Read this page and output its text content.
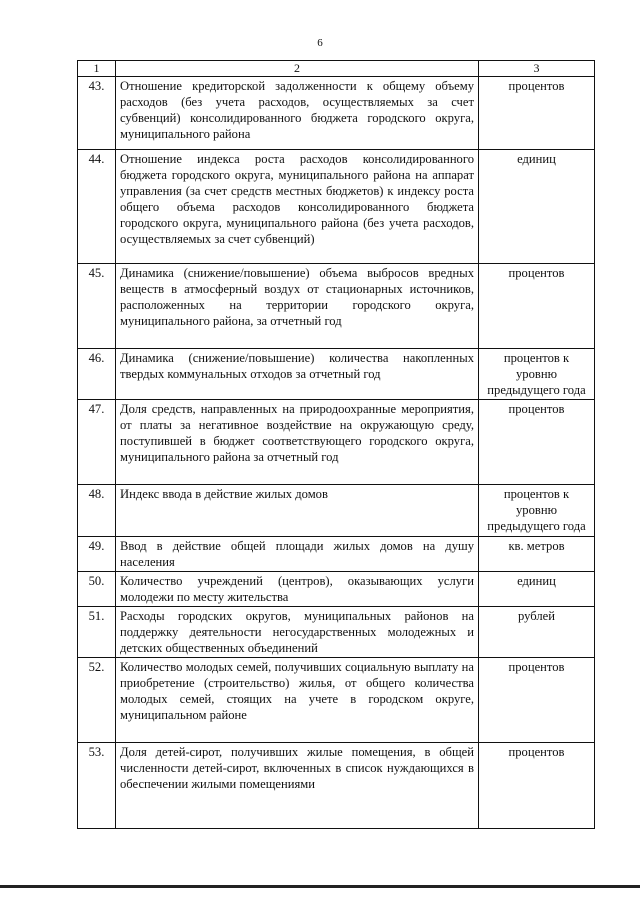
6
1	2	3
43.	Отношение кредиторской задолженности к общему объему расходов (без учета расходов, осуществляемых за счет субвенций) консолидированного бюджета городского округа, муниципального района	процентов
44.	Отношение индекса роста расходов консолидированного бюджета городского округа, муниципального района на аппарат управления (за счет средств местных бюджетов) к индексу роста общего объема расходов консолидированного бюджета городского округа, муниципального района (без учета расходов, осуществляемых за счет субвенций)	единиц
45.	Динамика (снижение/повышение) объема выбросов вредных веществ в атмосферный воздух от стационарных источников, расположенных на территории городского округа, муниципального района, за отчетный год	процентов
46.	Динамика (снижение/повышение) количества накопленных твердых коммунальных отходов за отчетный год	процентов к уровню предыдущего года
47.	Доля средств, направленных на природоохранные мероприятия, от платы за негативное воздействие на окружающую среду, поступившей в бюджет соответствующего городского округа, муниципального района за отчетный год	процентов
48.	Индекс ввода в действие жилых домов	процентов к уровню предыдущего года
49.	Ввод в действие общей площади жилых домов на душу населения	кв. метров
50.	Количество учреждений (центров), оказывающих услуги молодежи по месту жительства	единиц
51.	Расходы городских округов, муниципальных районов на поддержку деятельности негосударственных молодежных и детских общественных объединений	рублей
52.	Количество молодых семей, получивших социальную выплату на приобретение (строительство) жилья, от общего количества молодых семей, стоящих на учете в городском округе, муниципальном районе	процентов
53.	Доля детей-сирот, получивших жилые помещения, в общей численности детей-сирот, включенных в список нуждающихся в обеспечении жилыми помещениями	процентов
